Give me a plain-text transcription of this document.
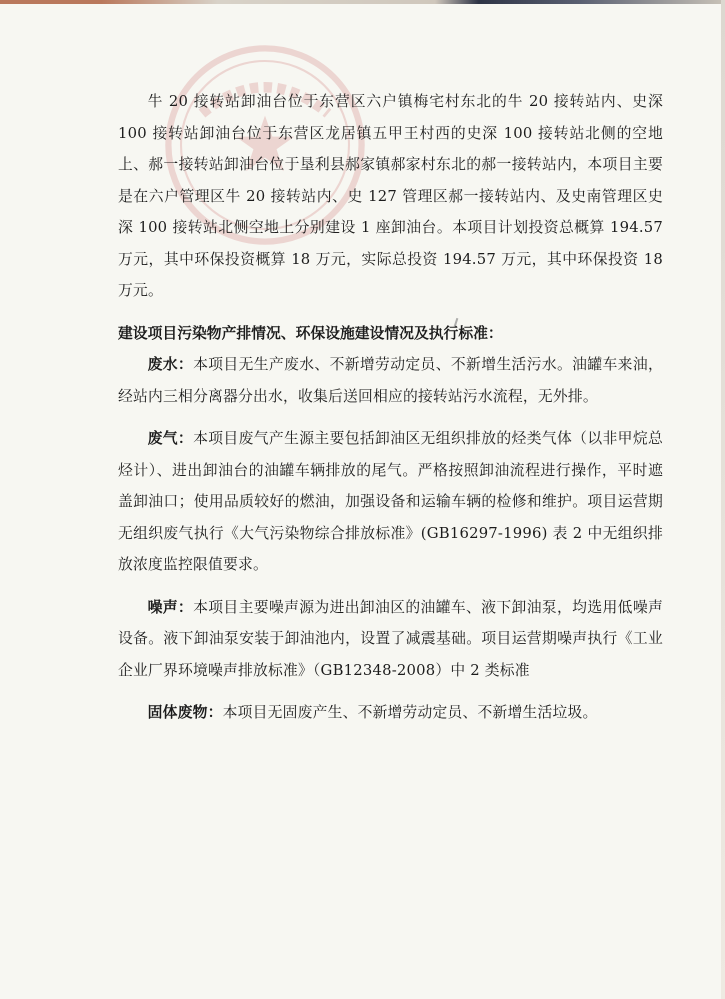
牛 20 接转站卸油台位于东营区六户镇梅宅村东北的牛 20 接转站内、史深 100 接转站卸油台位于东营区龙居镇五甲王村西的史深 100 接转站北侧的空地上、郝一接转站卸油台位于垦利县郝家镇郝家村东北的郝一接转站内，本项目主要是在六户管理区牛 20 接转站内、史 127 管理区郝一接转站内、及史南管理区史深 100 接转站北侧空地上分别建设 1 座卸油台。本项目计划投资总概算 194.57 万元，其中环保投资概算 18 万元，实际总投资 194.57 万元，其中环保投资 18 万元。

建设项目污染物产排情况、环保设施建设情况及执行标准：

废水：本项目无生产废水、不新增劳动定员、不新增生活污水。油罐车来油，经站内三相分离器分出水，收集后送回相应的接转站污水流程，无外排。

废气：本项目废气产生源主要包括卸油区无组织排放的烃类气体（以非甲烷总烃计）、进出卸油台的油罐车辆排放的尾气。严格按照卸油流程进行操作，平时遮盖卸油口；使用品质较好的燃油，加强设备和运输车辆的检修和维护。项目运营期无组织废气执行《大气污染物综合排放标准》(GB16297-1996) 表 2 中无组织排放浓度监控限值要求。

噪声：本项目主要噪声源为进出卸油区的油罐车、液下卸油泵，均选用低噪声设备。液下卸油泵安装于卸油池内，设置了减震基础。项目运营期噪声执行《工业企业厂界环境噪声排放标准》（GB12348-2008）中 2 类标准

固体废物：本项目无固废产生、不新增劳动定员、不新增生活垃圾。
